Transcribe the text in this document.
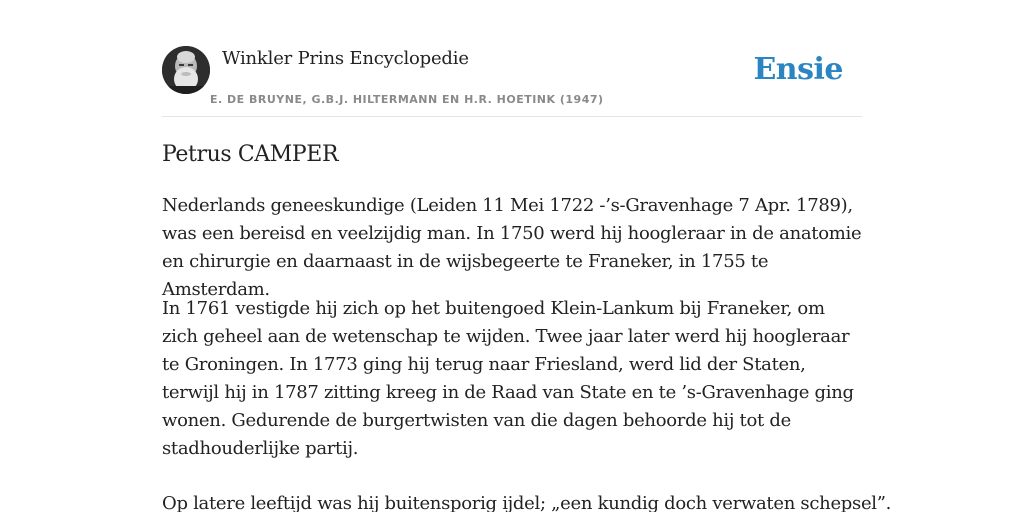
Winkler Prins Encyclopedie
E. DE BRUYNE, G.B.J. HILTERMANN EN H.R. HOETINK (1947)
Ensie
Petrus CAMPER

Nederlands geneeskundige (Leiden 11 Mei 1722 -’s-Gravenhage 7 Apr. 1789), was een bereisd en veelzijdig man. In 1750 werd hij hoogleraar in de anatomie en chirurgie en daarnaast in de wijsbegeerte te Franeker, in 1755 te Amsterdam.

In 1761 vestigde hij zich op het buitengoed Klein-Lankum bij Franeker, om zich geheel aan de wetenschap te wijden. Twee jaar later werd hij hoogleraar te Groningen. In 1773 ging hij terug naar Friesland, werd lid der Staten, terwijl hij in 1787 zitting kreeg in de Raad van State en te ’s-Gravenhage ging wonen. Gedurende de burgertwisten van die dagen behoorde hij tot de stadhouderlijke partij.

Op latere leeftijd was hij buitensporig ijdel; „een kundig doch verwaten schepsel”.
